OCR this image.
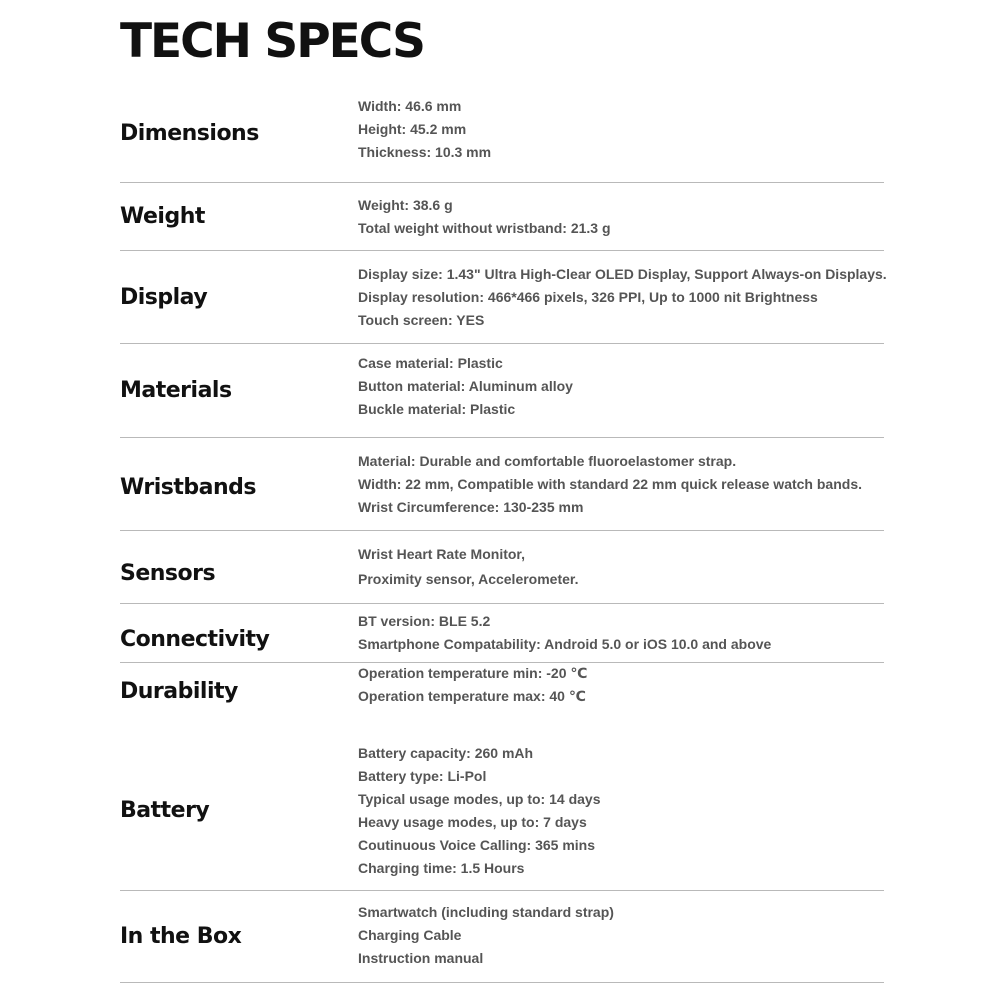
TECH SPECS
Dimensions
Width: 46.6 mm
Height: 45.2 mm
Thickness: 10.3 mm
Weight	Weight: 38.6 g
Total weight without wristband: 21.3 g
Display
Display size: 1.43" Ultra High-Clear OLED Display, Support Always-on Displays.
Display resolution: 466*466 pixels, 326 PPI, Up to 1000 nit Brightness
Touch screen: YES
Materials
Case material: Plastic
Button material: Aluminum alloy
Buckle material: Plastic
Wristbands
Material: Durable and comfortable fluoroelastomer strap.
Width: 22 mm, Compatible with standard 22 mm quick release watch bands.
Wrist Circumference: 130-235 mm
Sensors
Wrist Heart Rate Monitor,
Proximity sensor, Accelerometer.
Connectivity
BT version: BLE 5.2
Smartphone Compatability: Android 5.0 or iOS 10.0 and above
Durability
Operation temperature min: -20 ℃
Operation temperature max: 40 ℃
Battery
Battery capacity: 260 mAh
Battery type: Li-Pol
Typical usage modes, up to: 14 days
Heavy usage modes, up to: 7 days
Coutinuous Voice Calling: 365 mins
Charging time: 1.5 Hours
In the Box
Smartwatch (including standard strap)
Charging Cable
Instruction manual
